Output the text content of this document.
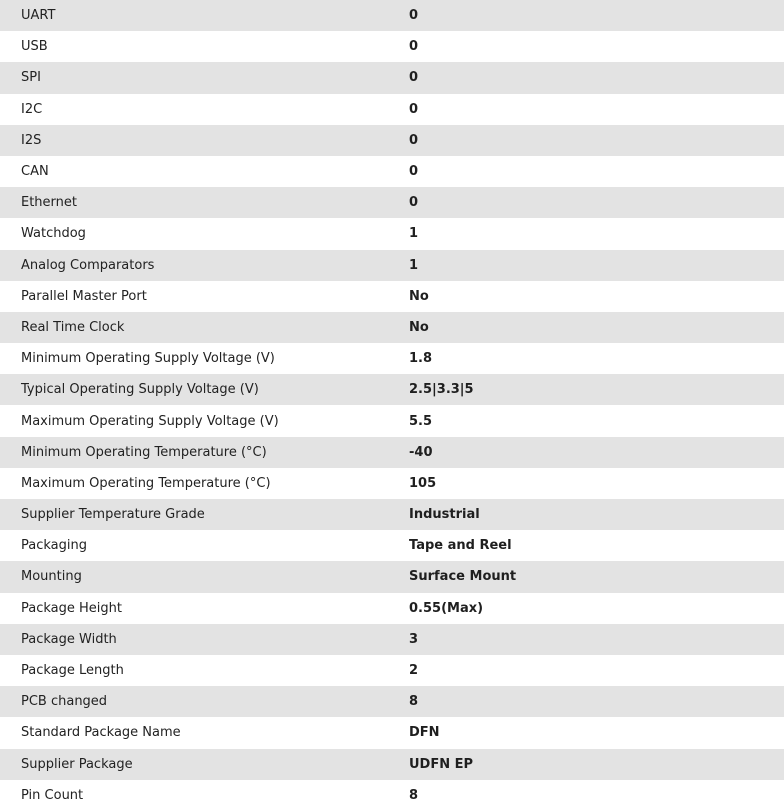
UART	0
USB	0
SPI	0
I2C	0
I2S	0
CAN	0
Ethernet	0
Watchdog	1
Analog Comparators	1
Parallel Master Port	No
Real Time Clock	No
Minimum Operating Supply Voltage (V)	1.8
Typical Operating Supply Voltage (V)	2.5|3.3|5
Maximum Operating Supply Voltage (V)	5.5
Minimum Operating Temperature (°C)	-40
Maximum Operating Temperature (°C)	105
Supplier Temperature Grade	Industrial
Packaging	Tape and Reel
Mounting	Surface Mount
Package Height	0.55(Max)
Package Width	3
Package Length	2
PCB changed	8
Standard Package Name	DFN
Supplier Package	UDFN EP
Pin Count	8
